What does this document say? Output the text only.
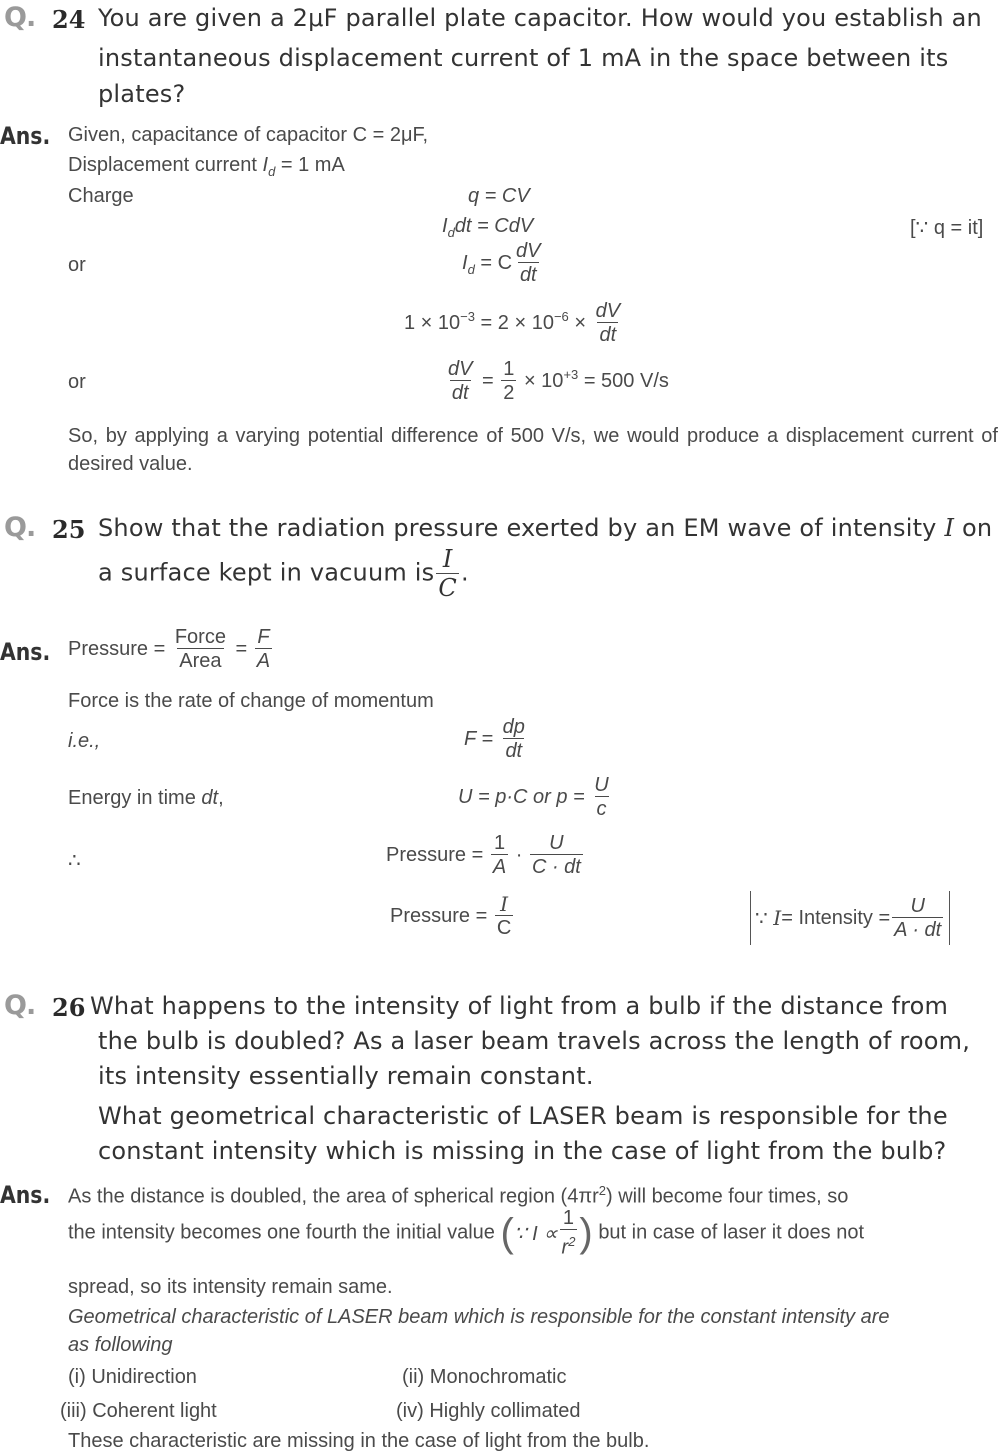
Q. 24 You are given a 2μF parallel plate capacitor. How would you establish an
instantaneous displacement current of 1 mA in the space between its
plates?
Ans. Given, capacitance of capacitor C = 2μF,
Displacement current $I_d = 1$ mA
Charge	q = CV
$I_ddt$ = CdV	[∵ q = it]
or	$I_d = C \frac{dV}{dt}$
$1 \times 10^{-3} = 2 \times 10^{-6} \times \frac{dV}{dt}$
or	$\frac{dV}{dt} = \frac{1}{2} \times 10^{+3} = 500$ V/s
So, by applying a varying potential difference of 500 V/s, we would produce a displacement current of desired value.
Q. 25 Show that the radiation pressure exerted by an EM wave of intensity I on
a surface kept in vacuum is $\frac{I}{C}$ .
Ans. Pressure = $\frac{\text{Force}}{\text{Area}} = \frac{F}{A}$
Force is the rate of change of momentum
i.e.,	$F = \frac{dp}{dt}$
Energy in time dt,	U = p·C or $p = \frac{U}{c}$
∴	Pressure = $\frac{1}{A} \cdot \frac{U}{C \cdot dt}$
Pressure = $\frac{I}{C}$	∵
I = Intensity = $\frac{U}{A \cdot dt}$
Q. 26 What happens to the intensity of light from a bulb if the distance from
the bulb is doubled? As a laser beam travels across the length of room,
its intensity essentially remain constant.
What geometrical characteristic of LASER beam is responsible for the
constant intensity which is missing in the case of light from the bulb?
Ans. As the distance is doubled, the area of spherical region $(4\pi r^2)$ will become four times, so
the intensity becomes one fourth the initial value ( ∵ $I \propto \frac{1}{r^2}$ ) but in case of laser it does not
spread, so its intensity remain same.
Geometrical characteristic of LASER beam which is responsible for the constant intensity are
as following
(i) Unidirection	(ii) Monochromatic
(iii) Coherent light	(iv) Highly collimated
These characteristic are missing in the case of light from the bulb.
